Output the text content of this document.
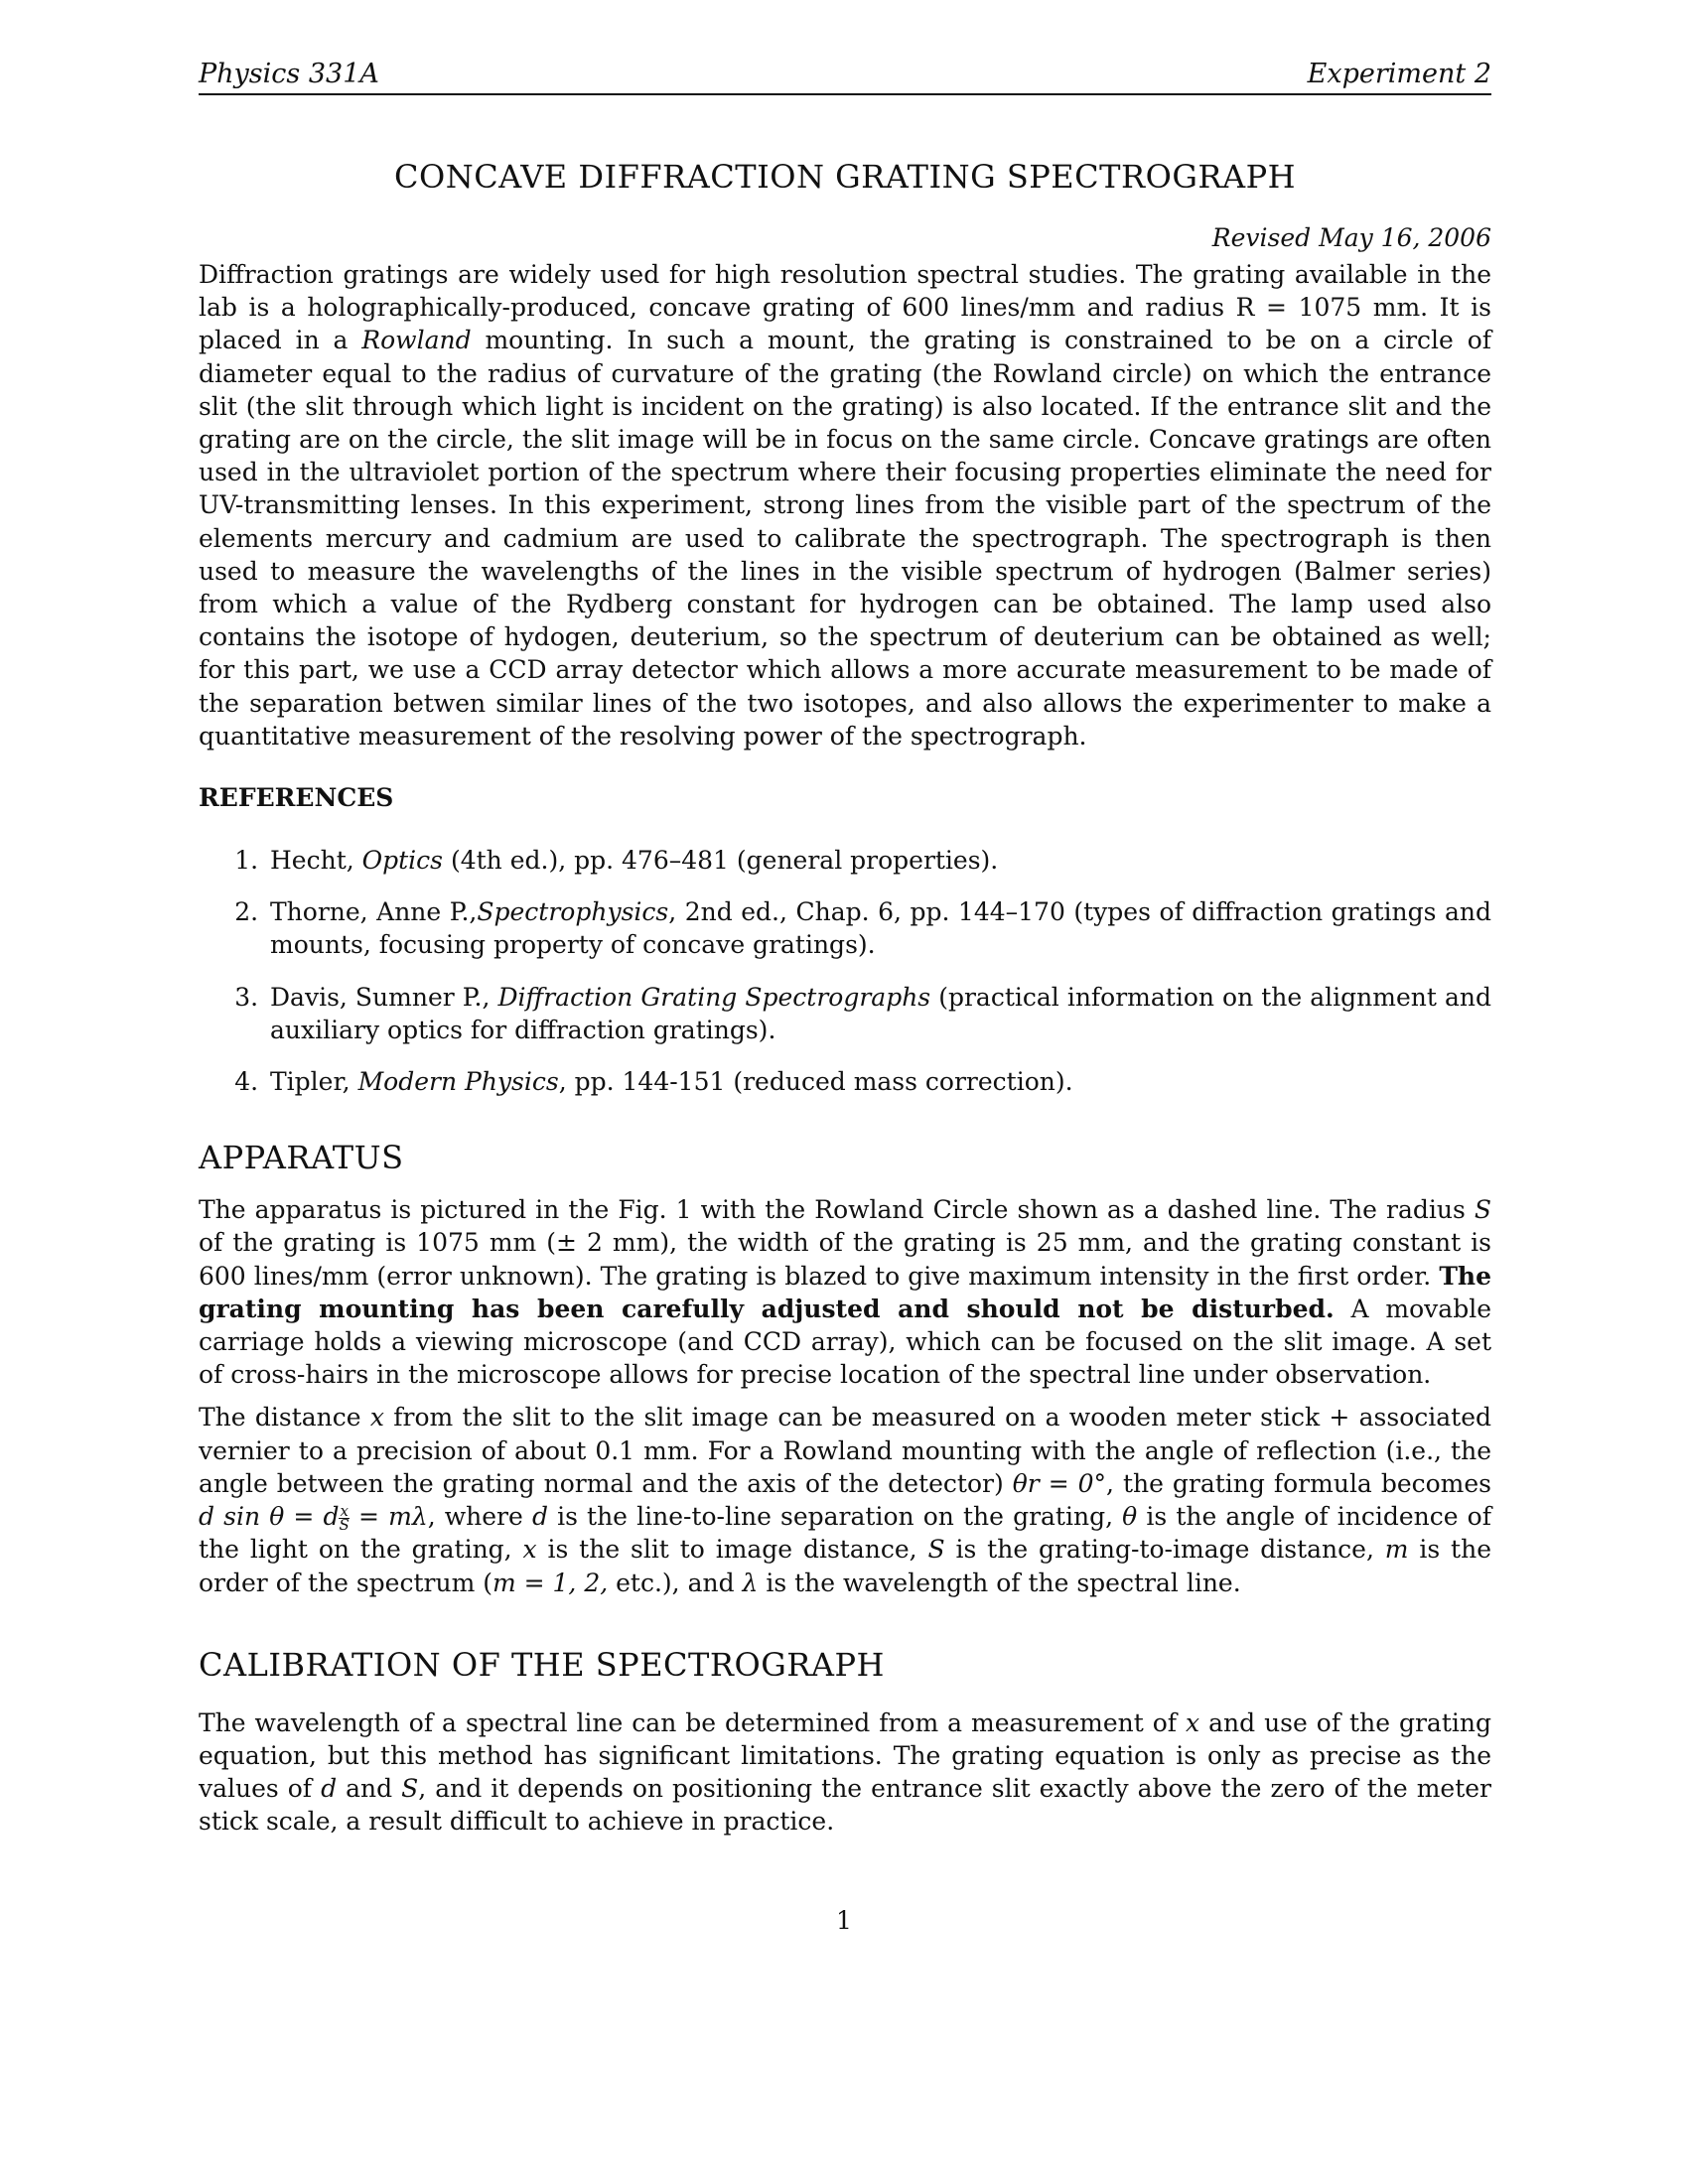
Physics 331A	Experiment 2
CONCAVE DIFFRACTION GRATING SPECTROGRAPH
Revised May 16, 2006

Diffraction gratings are widely used for high resolution spectral studies. The grating available in the lab is a holographically-produced, concave grating of 600 lines/mm and radius R = 1075 mm. It is placed in a Rowland mounting. In such a mount, the grating is constrained to be on a circle of diameter equal to the radius of curvature of the grating (the Rowland circle) on which the entrance slit (the slit through which light is incident on the grating) is also located. If the entrance slit and the grating are on the circle, the slit image will be in focus on the same circle. Concave gratings are often used in the ultraviolet portion of the spectrum where their focusing properties eliminate the need for UV-transmitting lenses. In this experiment, strong lines from the visible part of the spectrum of the elements mercury and cadmium are used to calibrate the spectrograph. The spectrograph is then used to measure the wavelengths of the lines in the visible spectrum of hydrogen (Balmer series) from which a value of the Rydberg constant for hydrogen can be obtained. The lamp used also contains the isotope of hydogen, deuterium, so the spectrum of deuterium can be obtained as well; for this part, we use a CCD array detector which allows a more accurate measurement to be made of the separation betwen similar lines of the two isotopes, and also allows the experimenter to make a quantitative measurement of the resolving power of the spectrograph.

REFERENCES
1. Hecht, Optics (4th ed.), pp. 476–481 (general properties).
2. Thorne, Anne P.,Spectrophysics, 2nd ed., Chap. 6, pp. 144–170 (types of diffraction gratings and mounts, focusing property of concave gratings).
3. Davis, Sumner P., Diffraction Grating Spectrographs (practical information on the alignment and auxiliary optics for diffraction gratings).
4. Tipler, Modern Physics, pp. 144-151 (reduced mass correction).
APPARATUS

The apparatus is pictured in the Fig. 1 with the Rowland Circle shown as a dashed line. The radius S of the grating is 1075 mm (± 2 mm), the width of the grating is 25 mm, and the grating constant is 600 lines/mm (error unknown). The grating is blazed to give maximum intensity in the first order. The grating mounting has been carefully adjusted and should not be disturbed. A movable carriage holds a viewing microscope (and CCD array), which can be focused on the slit image. A set of cross-hairs in the microscope allows for precise location of the spectral line under observation.

The distance x from the slit to the slit image can be measured on a wooden meter stick + associated vernier to a precision of about 0.1 mm. For a Rowland mounting with the angle of reflection (i.e., the angle between the grating normal and the axis of the detector) θr = 0°, the grating formula becomes d sin θ = d $\frac{x}{S} = m\lambda$, where d is the line-to-line separation on the grating, θ is the angle of incidence of the light on the grating, x is the slit to image distance, S is the grating-to-image distance, m is the order of the spectrum (m = 1, 2, etc.), and λ is the wavelength of the spectral line.

CALIBRATION OF THE SPECTROGRAPH

The wavelength of a spectral line can be determined from a measurement of x and use of the grating equation, but this method has significant limitations. The grating equation is only as precise as the values of d and S, and it depends on positioning the entrance slit exactly above the zero of the meter stick scale, a result difficult to achieve in practice.

1
